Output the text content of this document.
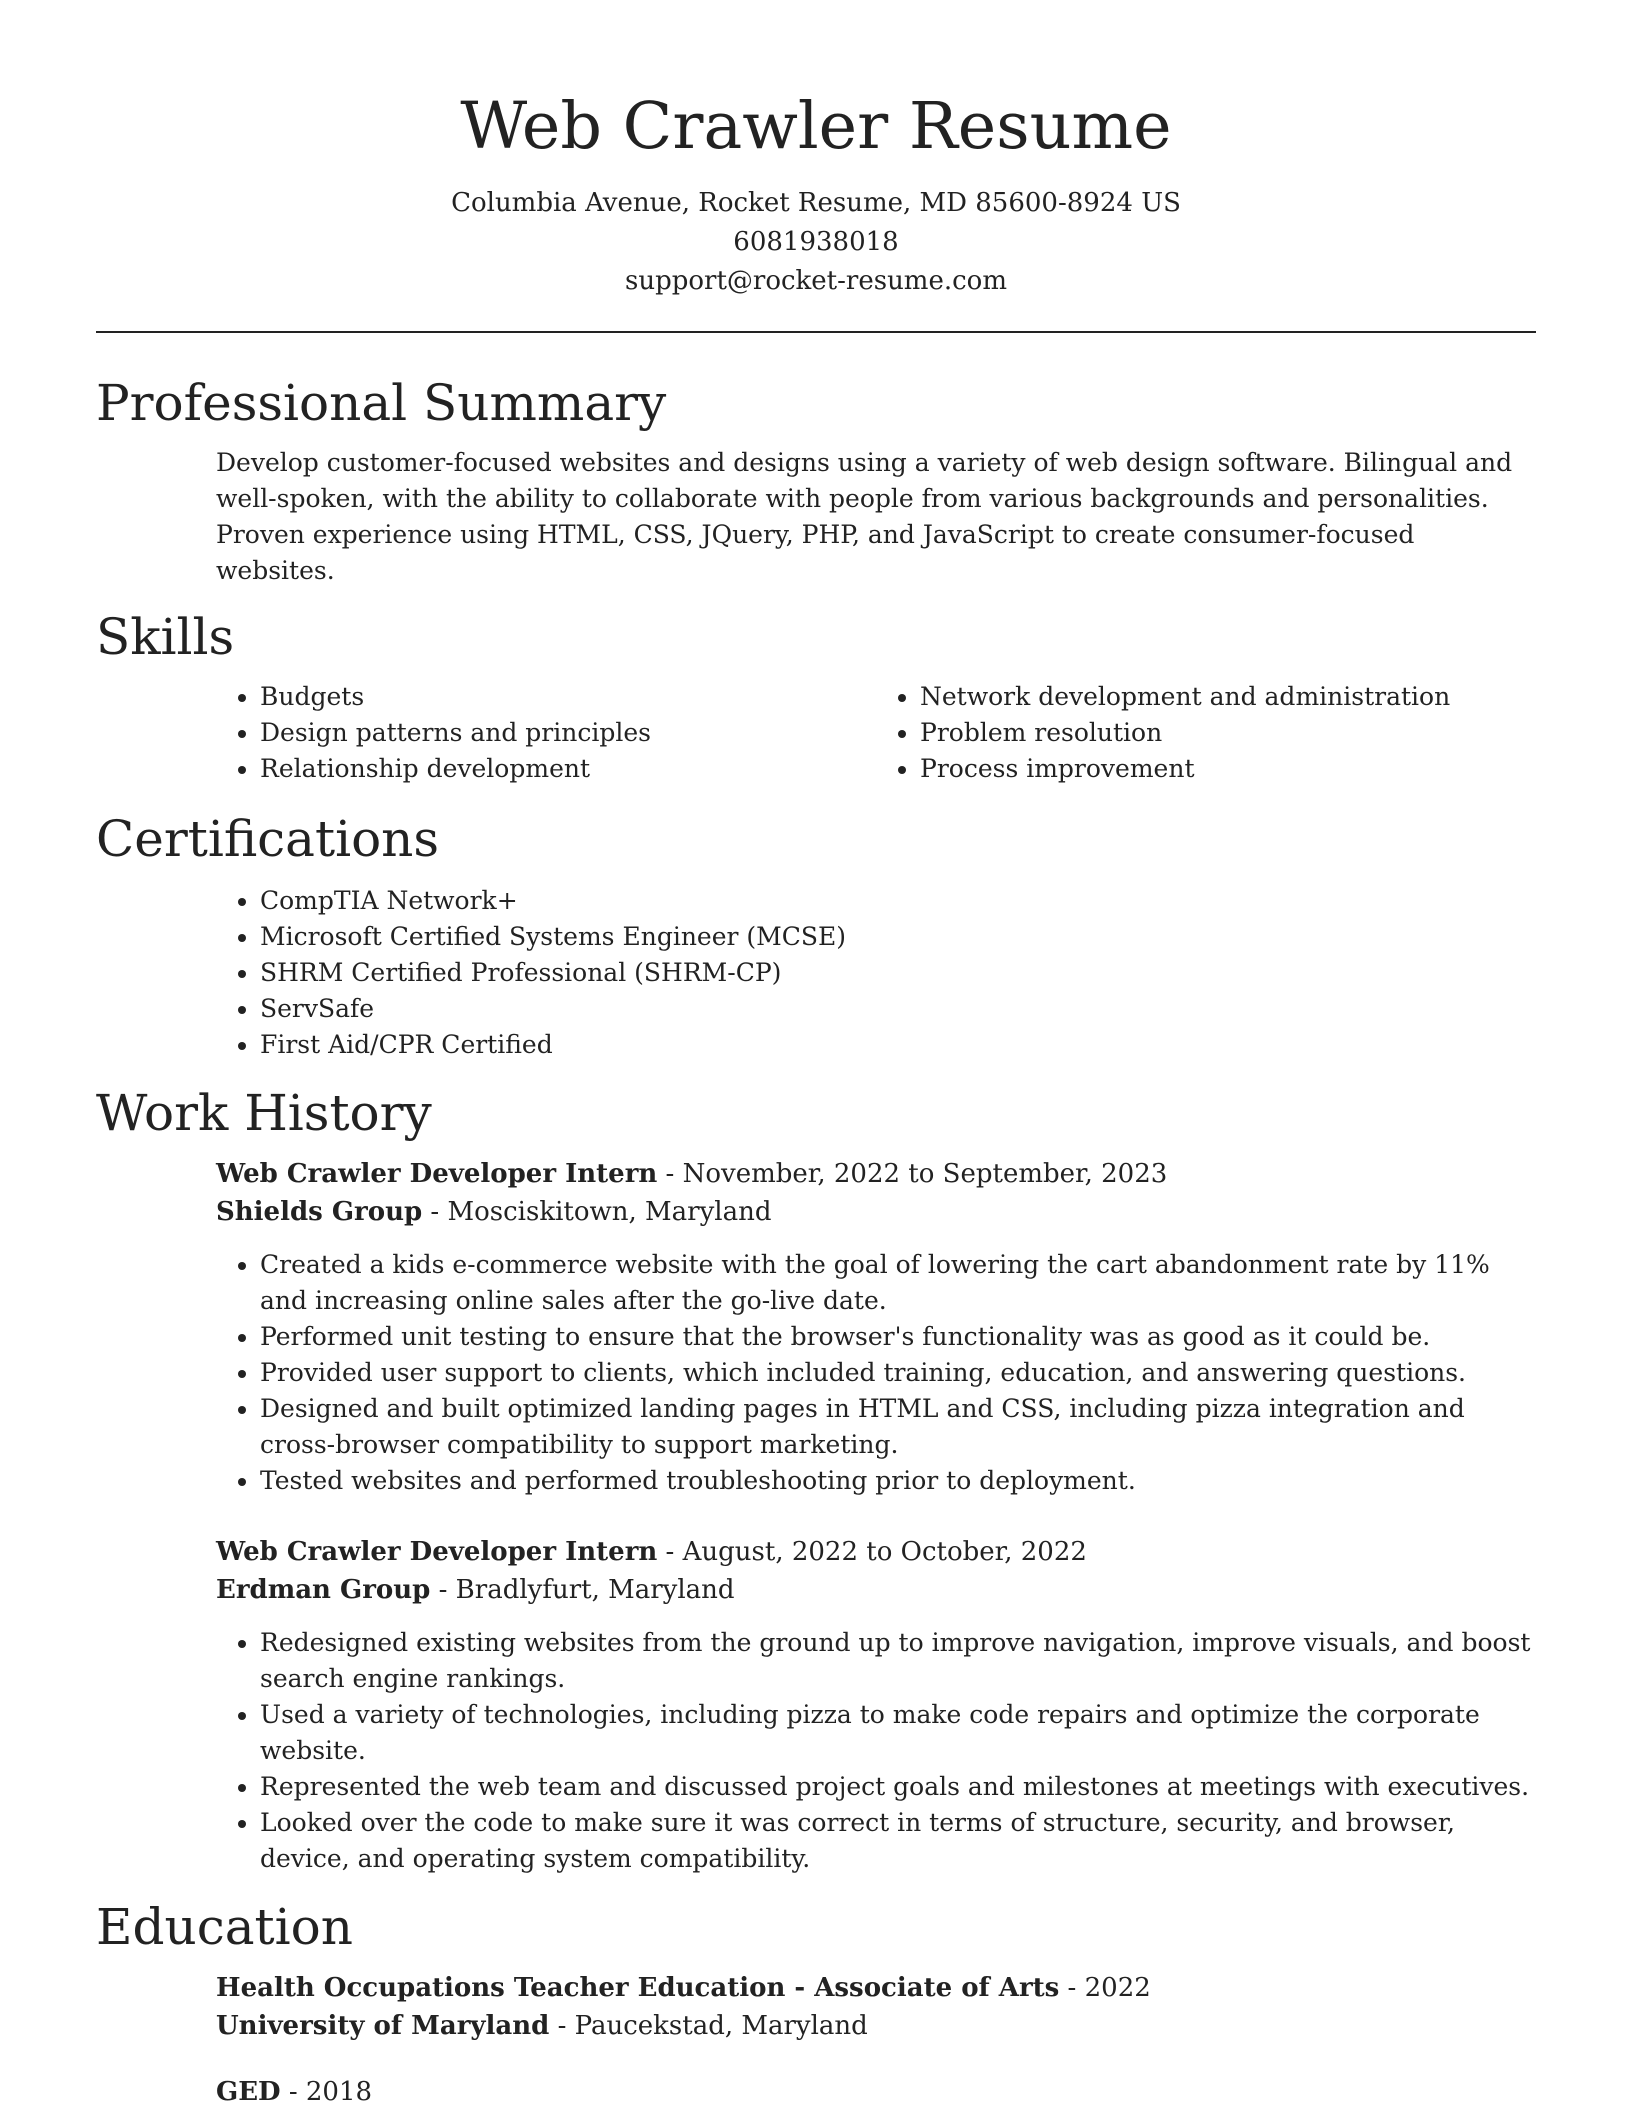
Web Crawler Resume
Columbia Avenue, Rocket Resume, MD 85600-8924 US
6081938018
support@rocket-resume.com
Professional Summary
Develop customer-focused websites and designs using a variety of web design software. Bilingual and well-spoken, with the ability to collaborate with people from various backgrounds and personalities. Proven experience using HTML, CSS, JQuery, PHP, and JavaScript to create consumer-focused websites.
Skills
• Budgets
• Design patterns and principles
• Relationship development
• Network development and administration
• Problem resolution
• Process improvement
Certifications
• CompTIA Network+
• Microsoft Certified Systems Engineer (MCSE)
• SHRM Certified Professional (SHRM-CP)
• ServSafe
• First Aid/CPR Certified
Work History
Web Crawler Developer Intern - November, 2022 to September, 2023
Shields Group - Mosciskitown, Maryland
• Created a kids e-commerce website with the goal of lowering the cart abandonment rate by 11% and increasing online sales after the go-live date.
• Performed unit testing to ensure that the browser's functionality was as good as it could be.
• Provided user support to clients, which included training, education, and answering questions.
• Designed and built optimized landing pages in HTML and CSS, including pizza integration and cross-browser compatibility to support marketing.
• Tested websites and performed troubleshooting prior to deployment.
Web Crawler Developer Intern - August, 2022 to October, 2022
Erdman Group - Bradlyfurt, Maryland
• Redesigned existing websites from the ground up to improve navigation, improve visuals, and boost search engine rankings.
• Used a variety of technologies, including pizza to make code repairs and optimize the corporate website.
• Represented the web team and discussed project goals and milestones at meetings with executives.
• Looked over the code to make sure it was correct in terms of structure, security, and browser, device, and operating system compatibility.
Education
Health Occupations Teacher Education - Associate of Arts - 2022
University of Maryland - Paucekstad, Maryland
GED - 2018
